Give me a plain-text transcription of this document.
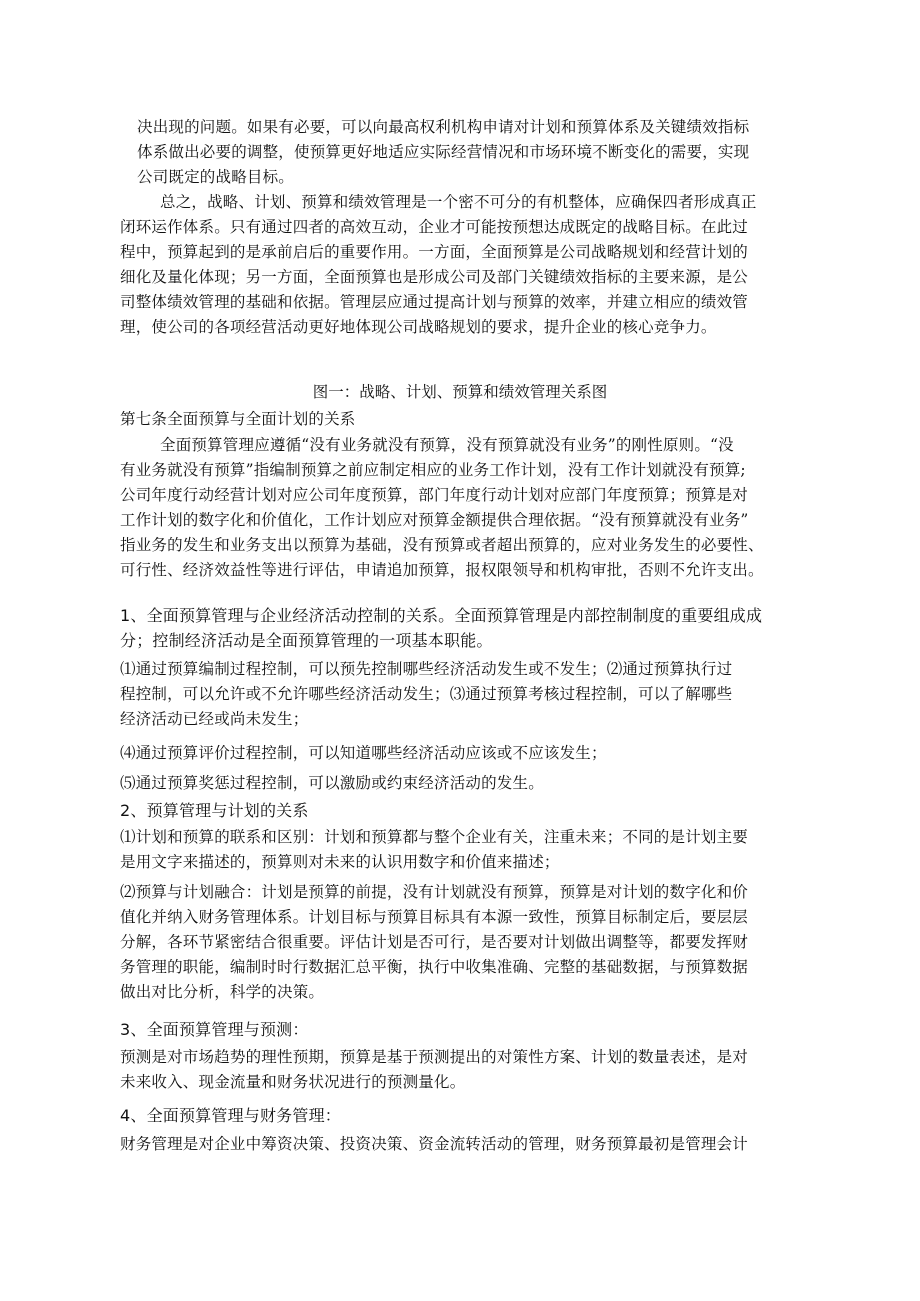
决出现的问题。如果有必要，可以向最高权利机构申请对计划和预算体系及关键绩效指标
体系做出必要的调整，使预算更好地适应实际经营情况和市场环境不断变化的需要，实现
公司既定的战略目标。

总之，战略、计划、预算和绩效管理是一个密不可分的有机整体，应确保四者形成真正
闭环运作体系。只有通过四者的高效互动，企业才可能按预想达成既定的战略目标。在此过
程中，预算起到的是承前启后的重要作用。一方面，全面预算是公司战略规划和经营计划的
细化及量化体现；另一方面，全面预算也是形成公司及部门关键绩效指标的主要来源，是公
司整体绩效管理的基础和依据。管理层应通过提高计划与预算的效率，并建立相应的绩效管
理，使公司的各项经营活动更好地体现公司战略规划的要求，提升企业的核心竞争力。

图一：战略、计划、预算和绩效管理关系图

第七条全面预算与全面计划的关系

全面预算管理应遵循“没有业务就没有预算，没有预算就没有业务”的刚性原则。“没
有业务就没有预算”指编制预算之前应制定相应的业务工作计划，没有工作计划就没有预算;
公司年度行动经营计划对应公司年度预算，部门年度行动计划对应部门年度预算；预算是对
工作计划的数字化和价值化，工作计划应对预算金额提供合理依据。“没有预算就没有业务”
指业务的发生和业务支出以预算为基础，没有预算或者超出预算的，应对业务发生的必要性、
可行性、经济效益性等进行评估，申请追加预算，报权限领导和机构审批，否则不允许支出。

1、全面预算管理与企业经济活动控制的关系。全面预算管理是内部控制制度的重要组成成
分；控制经济活动是全面预算管理的一项基本职能。

⑴通过预算编制过程控制，可以预先控制哪些经济活动发生或不发生；⑵通过预算执行过
程控制，可以允许或不允许哪些经济活动发生；⑶通过预算考核过程控制，可以了解哪些
经济活动已经或尚未发生；

⑷通过预算评价过程控制，可以知道哪些经济活动应该或不应该发生；

⑸通过预算奖惩过程控制，可以激励或约束经济活动的发生。

2、预算管理与计划的关系

⑴计划和预算的联系和区别：计划和预算都与整个企业有关，注重未来；不同的是计划主要
是用文字来描述的，预算则对未来的认识用数字和价值来描述；

⑵预算与计划融合：计划是预算的前提，没有计划就没有预算，预算是对计划的数字化和价
值化并纳入财务管理体系。计划目标与预算目标具有本源一致性，预算目标制定后，要层层
分解，各环节紧密结合很重要。评估计划是否可行，是否要对计划做出调整等，都要发挥财
务管理的职能，编制时时行数据汇总平衡，执行中收集准确、完整的基础数据，与预算数据
做出对比分析，科学的决策。

3、全面预算管理与预测：

预测是对市场趋势的理性预期，预算是基于预测提出的对策性方案、计划的数量表述，是对
未来收入、现金流量和财务状况进行的预测量化。

4、全面预算管理与财务管理：

财务管理是对企业中筹资决策、投资决策、资金流转活动的管理，财务预算最初是管理会计
